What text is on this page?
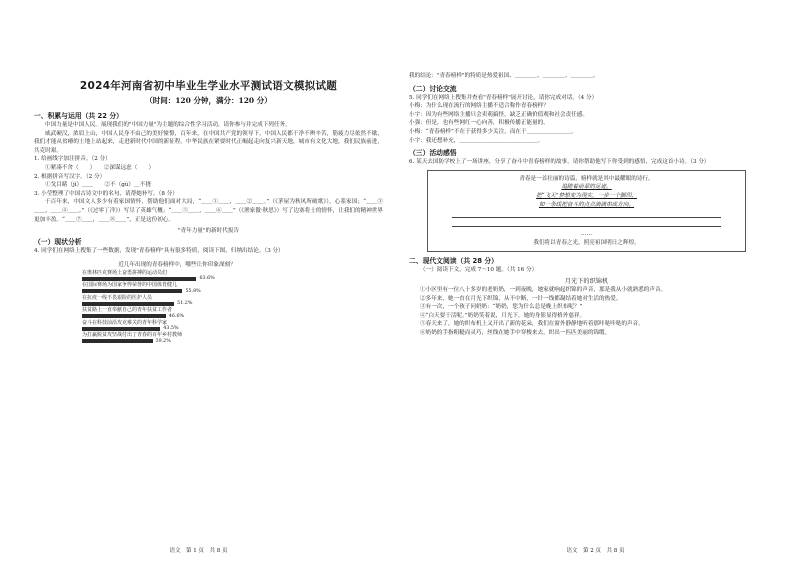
2024年河南省初中毕业生学业水平测试语文模拟试题
（时间：120 分钟，满分：120 分）
一、积累与运用（共 22 分）

中国力量是中国人民。展现我们的"中国力量"为主题的综合性学习活动，请你参与并完成下列任务。

威武硬汉，浓眉上山，中国人民身不由己的美好憧憬，百年来，在中国共产党的领导下，中国人民都干净不辨辛苦，筋疲力尽依然不歇，我们才能从贫瘠的土地上站起来，走进新时代中国的新征程。中华民族在紧要时代正崛起走向复兴新天地，城市有文化大地，我们民族前进，共克时艰。

1. 给画线字加注拼音。（2 分）

①紧凑不舍（　　）　　②深谋远虑（　　）

2. 根据拼音写汉字。（2 分）

①戈目睹（jì）＿＿　　②不（gù）＿不挠

3. 小莹整理了中国古诗文中的名句，请帮她补写。（8 分）

千百年来，中国文人多少有着家国情怀，帮助他们面对大局，“＿＿①＿＿，＿＿②＿＿。”（《茅屋为秋风所破歌》），心系家国；“＿＿③＿＿，＿＿④＿＿。”（《过零丁洋》）写尽了英雄气概；“＿＿⑤＿＿，＿＿⑥＿＿”（《渔家傲·秋思》）写了边塞将士的情怀，让我们的精神世界更加丰盈。“＿＿⑦＿＿，＿＿⑧＿＿”，正是这份初心。

"青年力量"的新时代报告
（一）现状分析

4. 同学们在网络上搜集了一些数据，发现"青春榜样"具有很多特质，阅读下图，归纳出结论。（3 分）

近几年出现的青春榜样中，哪些让你印象深刻？
在奥林匹克赛场上奋勇拼搏的运动员们
63.6%
在国际赛场为国家争得荣誉的中国体育健儿
55.8%
在抗疫一线不畏艰险的医护人员
51.2%
扶贫路上一直奉献自己的青年扶贫工作者
46.6%
奋斗在科技前沿攻克难关的青年科学家
43.5%
为打赢脱贫攻坚战付出了青春的百年乡村教师
39.2%
语文　第 1 页　共 8 页

我的结论："青春榜样"的特质是热爱祖国、＿＿＿＿、＿＿＿＿、＿＿＿＿。

（二）讨论交流

5. 同学们在网络上搜集并查看"青春榜样"展开讨论，请你完成对话。（4 分）

小梅：为什么现在流行的网络主播不适合称作青春榜样？

小宇：因为有些网络主播只会卖萌搞怪，缺乏正确价值观和社会责任感。

小强：但是，也有些网红一心向善，积极传播正能量的。

小梅：“青春榜样”不在于获得多少关注，而在于＿＿＿＿＿＿＿＿。

小宇：我还想补充，＿＿＿＿＿＿＿＿＿＿＿＿＿＿。

（三）活动感悟

6. 某天去国防学校上了一场讲座，分享了奋斗中青春榜样的故事，请你帮助他写下你受到的感悟，完成这首小诗。（3 分）

青春是一首壮丽的诗篇，榜样就是其中最耀眼的诗行。

追随着前辈的足迹，

把“飞天”梦想变为现实，一步一个脚印，

如一条线把奋斗的点点滴滴串成方向。

……

我们将以青春之光，照亮祖国明日之辉煌。

二、现代文阅读（共 28 分）

（一）阅读下文，完成 7～10 题。（共 16 分）

月光下的织锦机

①小区里有一位八十多岁的老奶奶，一到夜晚，她家就响起织锦的声音，那是我从小就熟悉的声音。

②多年来，她一直在月光下织锦，从不中断，一针一线都凝结着她对生活的热爱。

③有一次，一个孩子问奶奶：“奶奶，您为什么总是晚上织布呢？”

④“白天要干活呢。”奶奶笑着说，月光下，她的身影显得格外慈祥。

⑤春天来了，她的织布机上又开出了新的花朵，我们在窗外静静地听着那咔哒咔哒的声音。

⑥奶奶的手指粗糙而灵巧，丝线在她手中穿梭来去，织出一匹匹美丽的锦缎。

语文　第 2 页　共 8 页
